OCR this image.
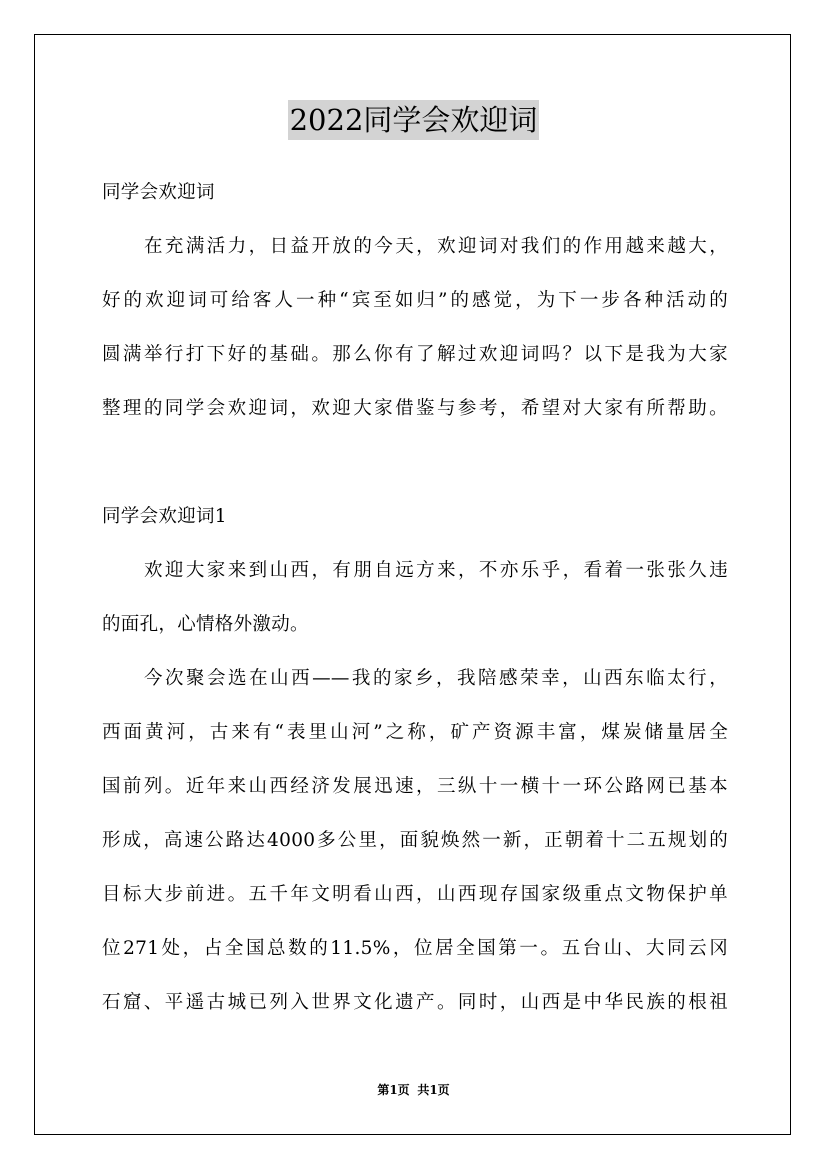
2022同学会欢迎词
同学会欢迎词
在充满活力，日益开放的今天，欢迎词对我们的作用越来越大，
好的欢迎词可给客人一种“宾至如归”的感觉，为下一步各种活动的
圆满举行打下好的基础。那么你有了解过欢迎词吗？以下是我为大家
整理的同学会欢迎词，欢迎大家借鉴与参考，希望对大家有所帮助。
同学会欢迎词1
欢迎大家来到山西，有朋自远方来，不亦乐乎，看着一张张久违
的面孔，心情格外激动。
今次聚会选在山西——我的家乡，我陪感荣幸，山西东临太行，
西面黄河，古来有“表里山河”之称，矿产资源丰富，煤炭储量居全
国前列。近年来山西经济发展迅速，三纵十一横十一环公路网已基本
形成，高速公路达4000多公里，面貌焕然一新，正朝着十二五规划的
目标大步前进。五千年文明看山西，山西现存国家级重点文物保护单
位271处，占全国总数的11.5%，位居全国第一。五台山、大同云冈
石窟、平遥古城已列入世界文化遗产。同时，山西是中华民族的根祖
第1页 共1页
